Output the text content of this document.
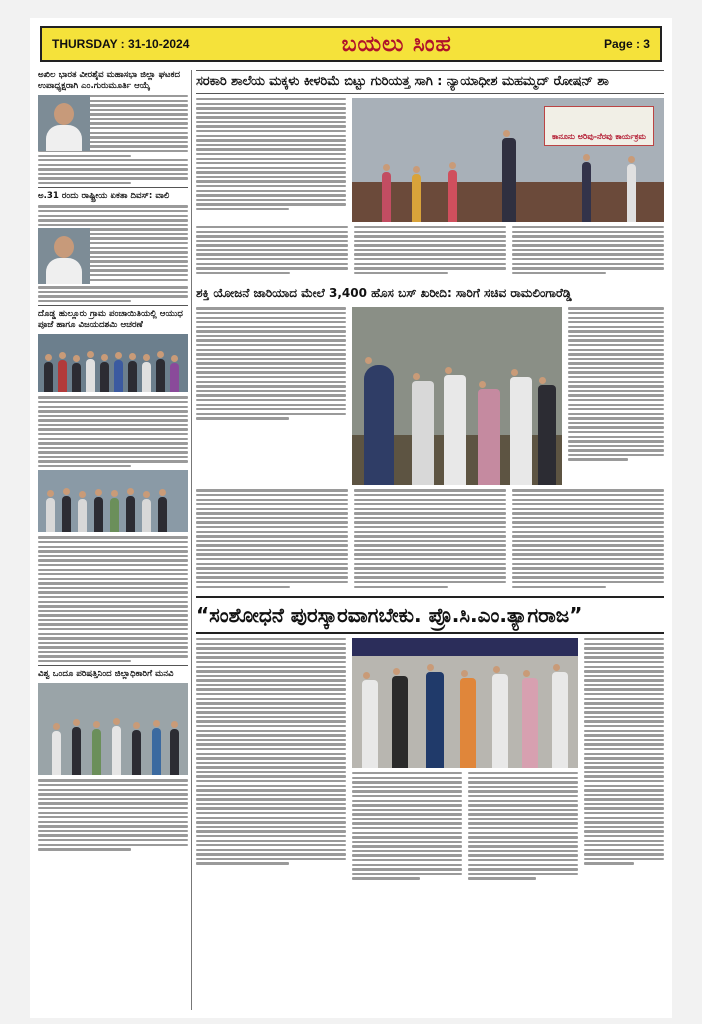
THURSDAY : 31-10-2024	ಬಯಲು ಸಿಂಹ	Page : 3
ಅಖಿಲ ಭಾರತ ವೀರಶೈವ ಮಹಾಸಭಾ ಜಿಲ್ಲಾ ಘಟಕದ ಉಪಾಧ್ಯಕ್ಷರಾಗಿ ಎಂ.ಗುರುಮೂರ್ತಿ ಆಯ್ಕೆ
ಅ.31 ರಂದು ರಾಷ್ಟ್ರೀಯ ಏಕತಾ ದಿವಸ್: ವಾಲಿ
ದೊಡ್ಡ ಹುಲ್ಲೂರು ಗ್ರಾಮ ಪಂಚಾಯಿತಿಯಲ್ಲಿ ಆಯುಧ ಪೂಜೆ ಹಾಗೂ ವಿಜಯದಶಮಿ ಆಚರಣೆ
ವಿಶ್ವ ಒಂದೂ ಪರಿಷತ್ತಿನಿಂದ ಜಿಲ್ಲಾಧಿಕಾರಿಗೆ ಮನವಿ
ಸರಕಾರಿ ಶಾಲೆಯ ಮಕ್ಕಳು ಕೀಳರಿಮೆ ಬಿಟ್ಟು ಗುರಿಯತ್ತ ಸಾಗಿ : ನ್ಯಾಯಾಧೀಶ ಮಹಮ್ಮದ್ ರೋಷನ್ ಶಾ
ಕಾನೂನು ಅರಿವು-ನೆರವು ಕಾರ್ಯಕ್ರಮ
ಶಕ್ತಿ ಯೋಜನೆ ಜಾರಿಯಾದ ಮೇಲೆ 3,400 ಹೊಸ ಬಸ್ ಖರೀದಿ: ಸಾರಿಗೆ ಸಚಿವ ರಾಮಲಿಂಗಾರೆಡ್ಡಿ
“ಸಂಶೋಧನೆ ಪುರಸ್ಕಾರವಾಗಬೇಕು. ಪ್ರೊ.ಸಿ.ಎಂ.ತ್ಯಾಗರಾಜ”
